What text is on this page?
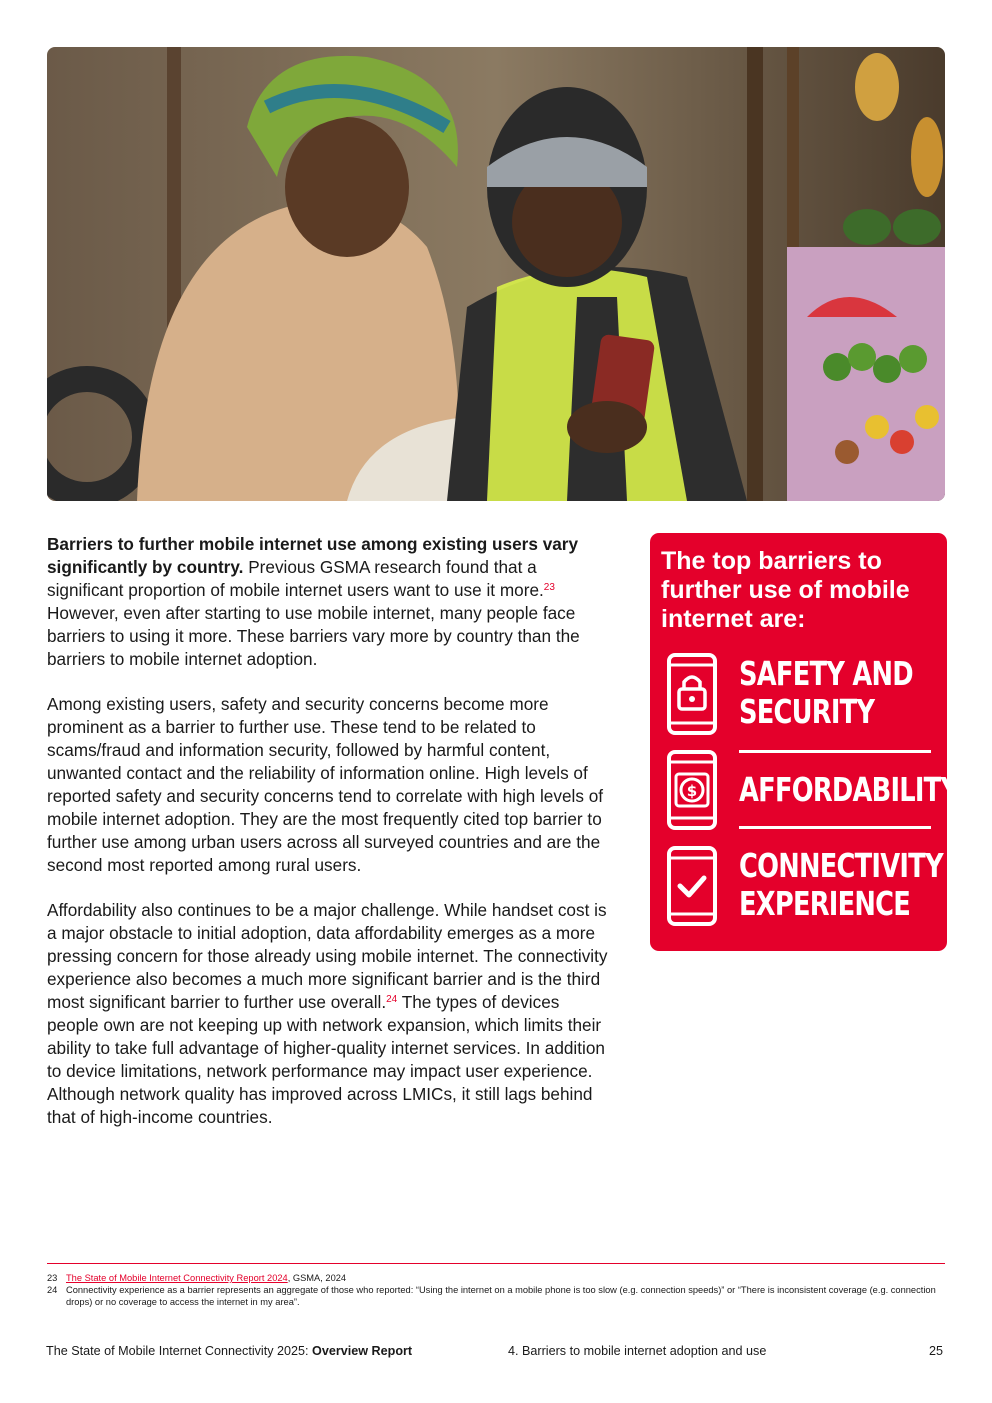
Barriers to further mobile internet use among existing users vary significantly by country. Previous GSMA research found that a significant proportion of mobile internet users want to use it more.$^{23}$ However, even after starting to use mobile internet, many people face barriers to using it more. These barriers vary more by country than the barriers to mobile internet adoption.

Among existing users, safety and security concerns become more prominent as a barrier to further use. These tend to be related to scams/fraud and information security, followed by harmful content, unwanted contact and the reliability of information online. High levels of reported safety and security concerns tend to correlate with high levels of mobile internet adoption. They are the most frequently cited top barrier to further use among urban users across all surveyed countries and are the second most reported among rural users.

Affordability also continues to be a major challenge. While handset cost is a major obstacle to initial adoption, data affordability emerges as a more pressing concern for those already using mobile internet. The connectivity experience also becomes a much more significant barrier and is the third most significant barrier to further use overall.$^{24}$ The types of devices people own are not keeping up with network expansion, which limits their ability to take full advantage of higher-quality internet services. In addition to device limitations, network performance may impact user experience. Although network quality has improved across LMICs, it still lags behind that of high-income countries.

The top barriers to further use of mobile internet are:
SAFETY AND
SECURITY
$ AFFORDABILITY
CONNECTIVITY
EXPERIENCE
23 The State of Mobile Internet Connectivity Report 2024, GSMA, 2024
24 Connectivity experience as a barrier represents an aggregate of those who reported: “Using the internet on a mobile phone is too slow (e.g. connection speeds)” or “There is inconsistent coverage (e.g. connection drops) or no coverage to access the internet in my area”.
The State of Mobile Internet Connectivity 2025: Overview Report	4. Barriers to mobile internet adoption and use	25
